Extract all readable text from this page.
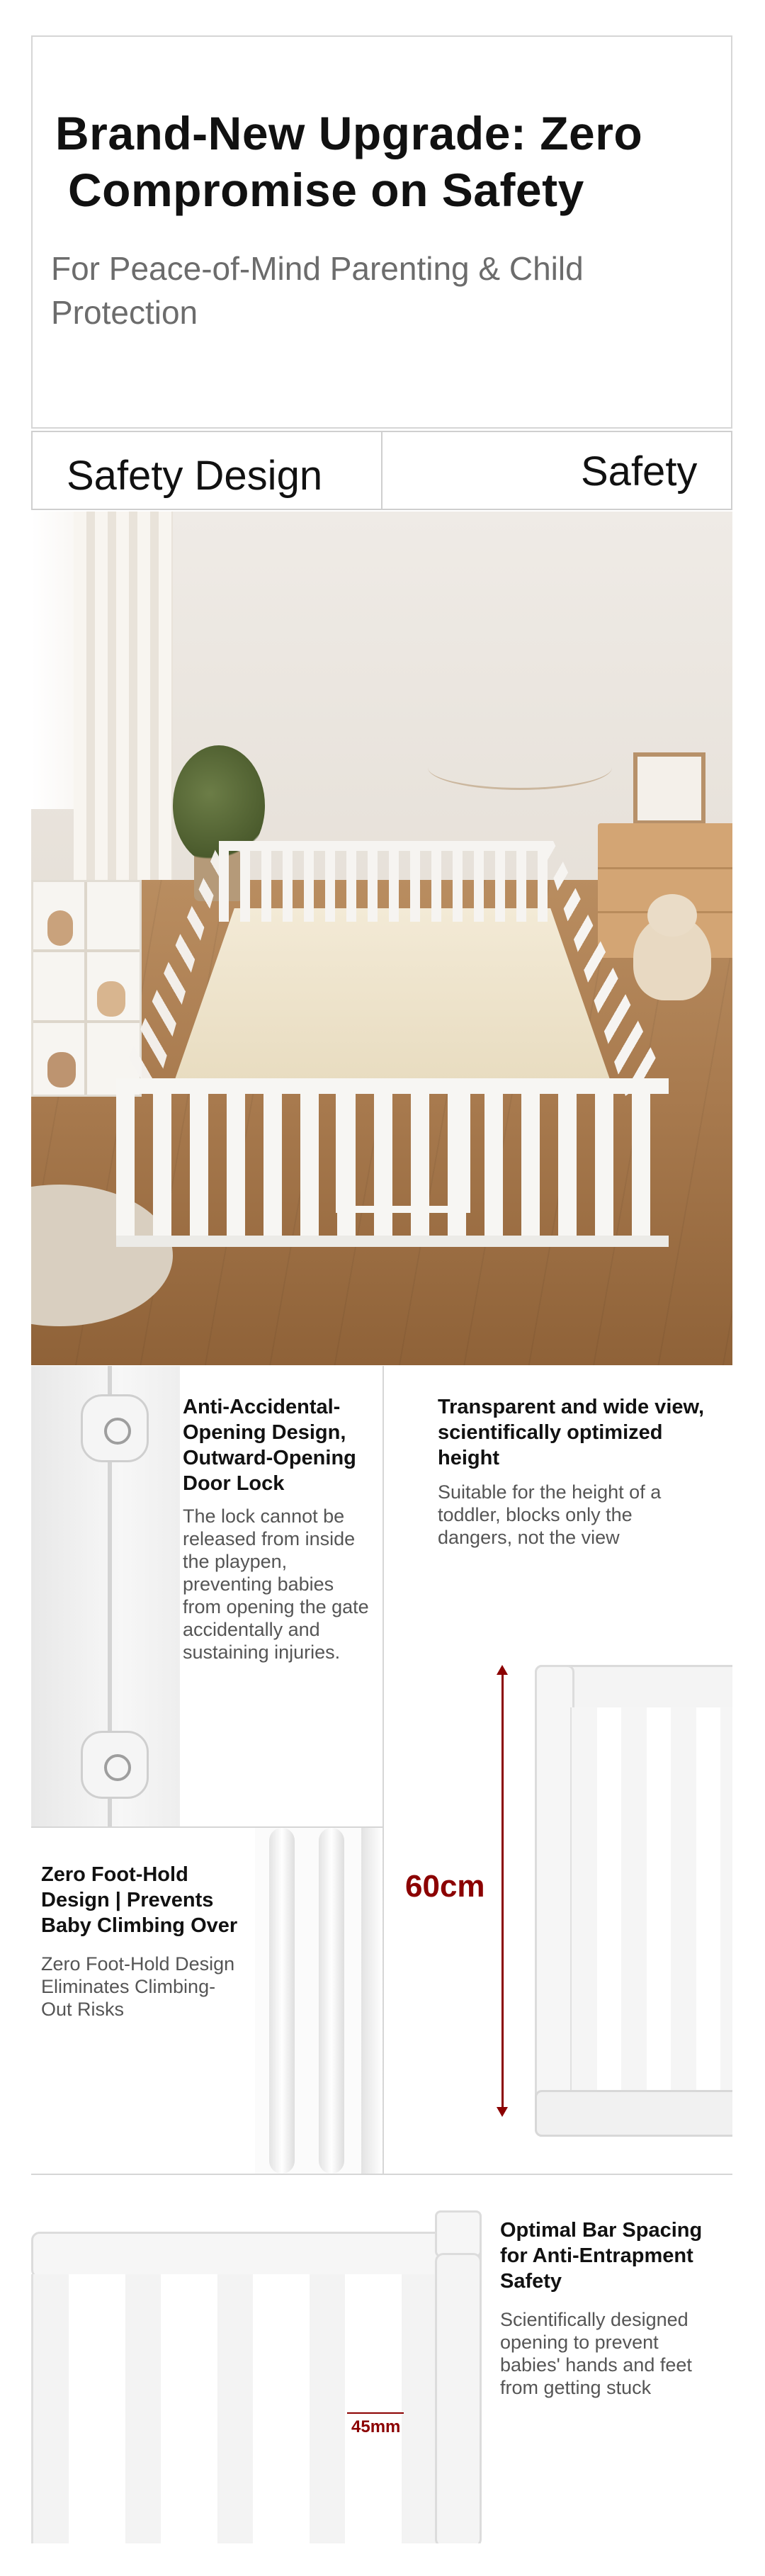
Brand-New Upgrade: Zero
Compromise on Safety
For Peace-of-Mind Parenting & Child Protection
Safety Design	Safety
Anti-Accidental-Opening Design, Outward-Opening Door Lock
The lock cannot be released from inside the playpen, preventing babies from opening the gate accidentally and sustaining injuries.
Transparent and wide view, scientifically optimized height
Suitable for the height of a toddler, blocks only the dangers, not the view
60cm
Zero Foot-Hold Design | Prevents Baby Climbing Over
Zero Foot-Hold Design Eliminates Climbing-Out Risks
45mm
Optimal Bar Spacing for Anti-Entrapment Safety
Scientifically designed opening to prevent babies' hands and feet from getting stuck
